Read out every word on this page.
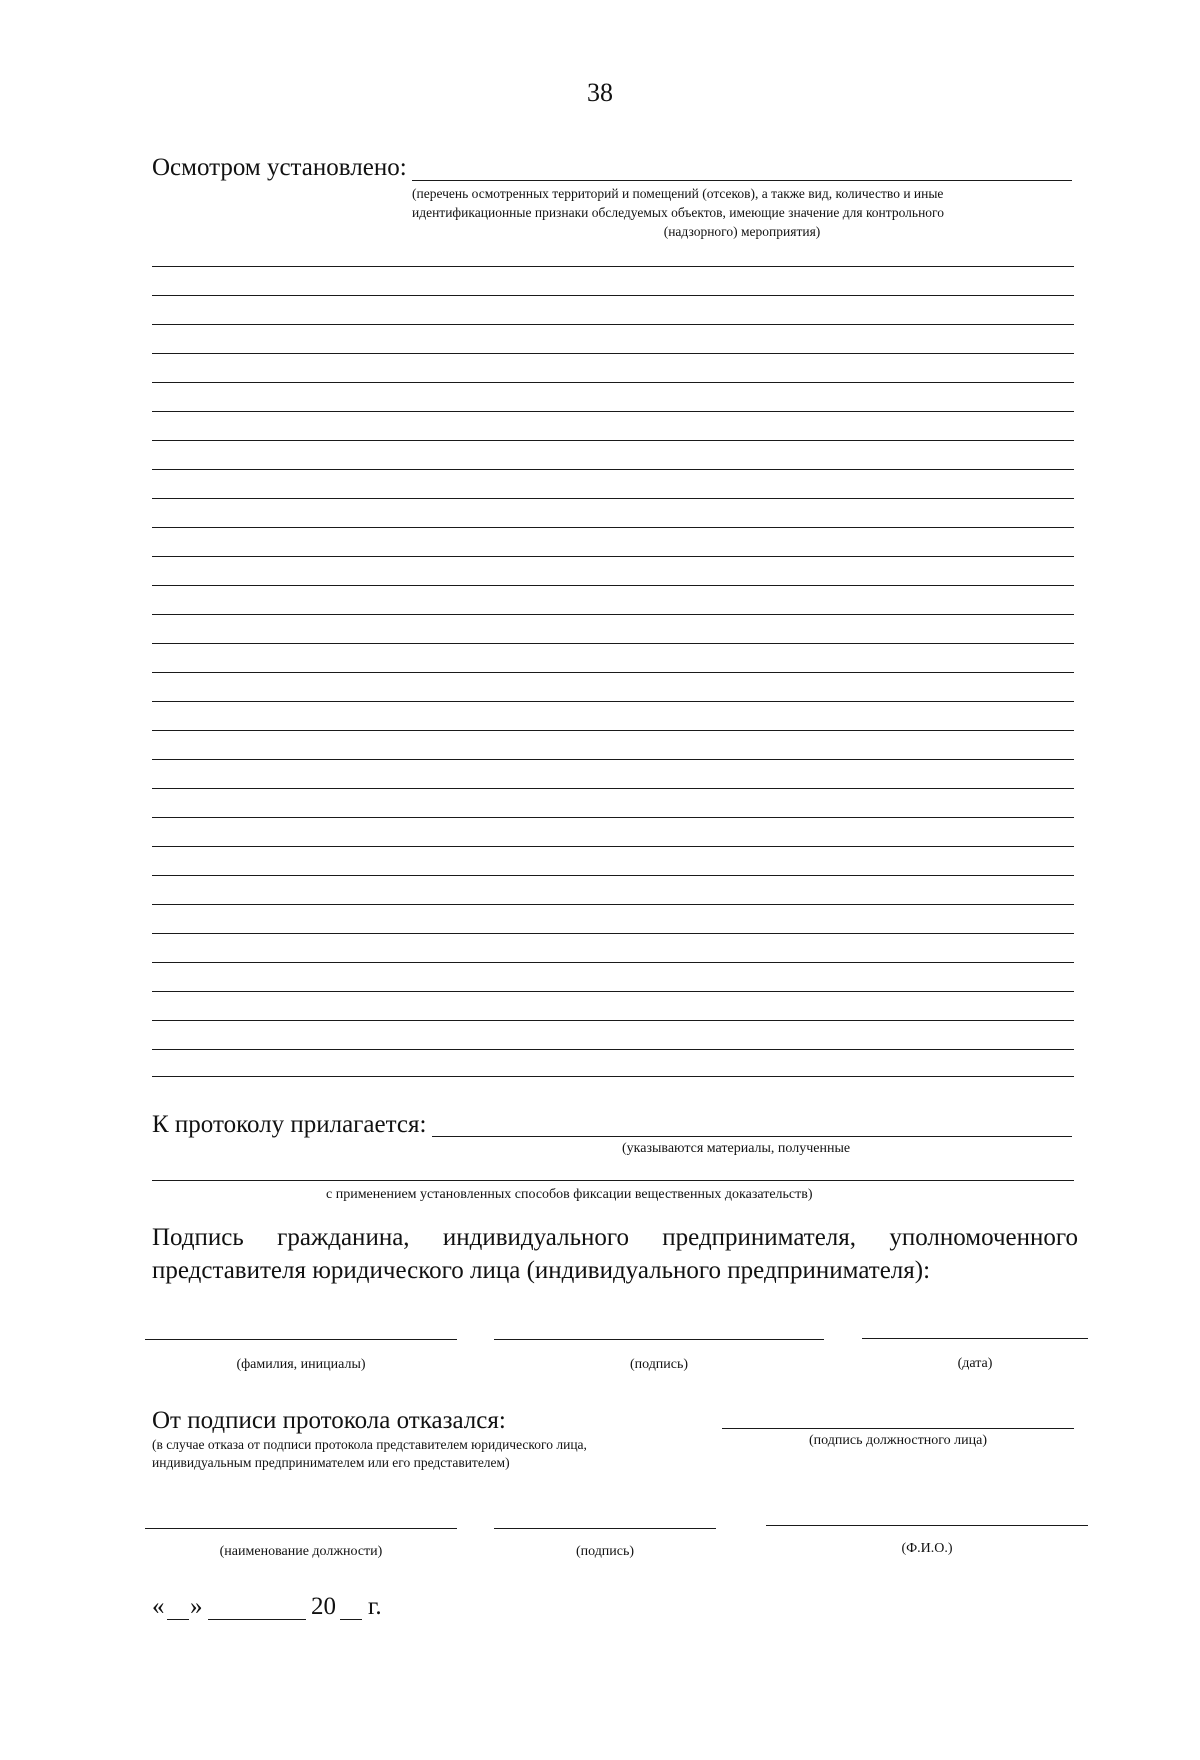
38
Осмотром установлено:
(перечень осмотренных территорий и помещений (отсеков), а также вид, количество и иные
идентификационные признаки обследуемых объектов, имеющие значение для контрольного
(надзорного) мероприятия)
К протоколу прилагается:
(указываются материалы, полученные
с применением установленных способов фиксации вещественных доказательств)
Подпись гражданина, индивидуального предпринимателя, уполномоченного
представителя юридического лица (индивидуального предпринимателя):
(фамилия, инициалы)	(подпись)	(дата)
От подписи протокола отказался:
(в случае отказа от подписи протокола представителем юридического лица,
индивидуальным предпринимателем или его представителем)
(подпись должностного лица)
(наименование должности)	(подпись)	(Ф.И.О.)
« »	20 г.
